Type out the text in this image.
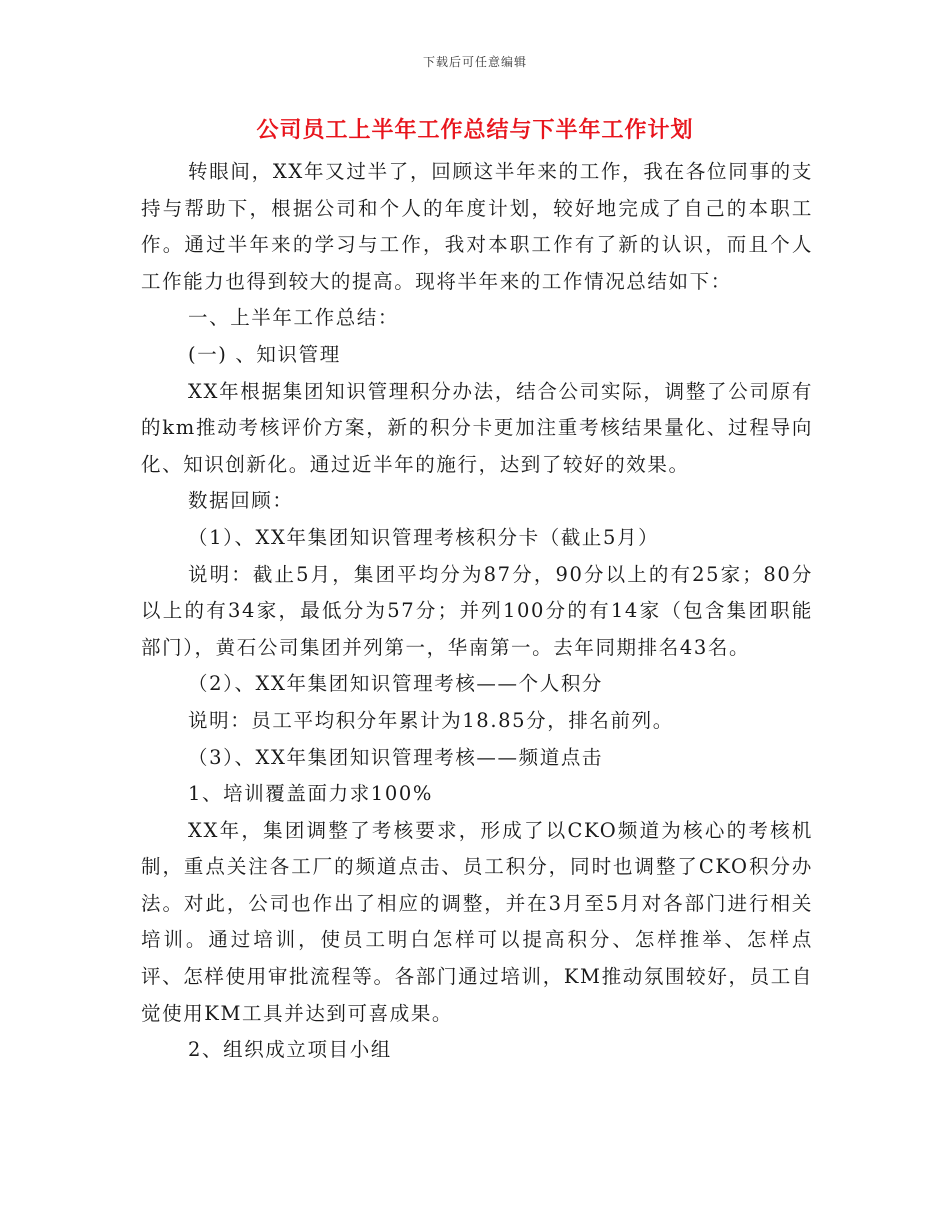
下载后可任意编辑
公司员工上半年工作总结与下半年工作计划

转眼间，XX年又过半了，回顾这半年来的工作，我在各位同事的支持与帮助下，根据公司和个人的年度计划，较好地完成了自己的本职工作。通过半年来的学习与工作，我对本职工作有了新的认识，而且个人工作能力也得到较大的提高。现将半年来的工作情况总结如下：

一、上半年工作总结：

(一) 、知识管理

XX年根据集团知识管理积分办法，结合公司实际，调整了公司原有的km推动考核评价方案，新的积分卡更加注重考核结果量化、过程导向化、知识创新化。通过近半年的施行，达到了较好的效果。

数据回顾：

（1）、XX年集团知识管理考核积分卡（截止5月）

说明：截止5月，集团平均分为87分，90分以上的有25家；80分以上的有34家，最低分为57分；并列100分的有14家（包含集团职能部门），黄石公司集团并列第一，华南第一。去年同期排名43名。

（2）、XX年集团知识管理考核——个人积分

说明：员工平均积分年累计为18.85分，排名前列。

（3）、XX年集团知识管理考核——频道点击

1、培训覆盖面力求100%

XX年，集团调整了考核要求，形成了以CKO频道为核心的考核机制，重点关注各工厂的频道点击、员工积分，同时也调整了CKO积分办法。对此，公司也作出了相应的调整，并在3月至5月对各部门进行相关培训。通过培训，使员工明白怎样可以提高积分、怎样推举、怎样点评、怎样使用审批流程等。各部门通过培训，KM推动氛围较好，员工自觉使用KM工具并达到可喜成果。

2、组织成立项目小组
